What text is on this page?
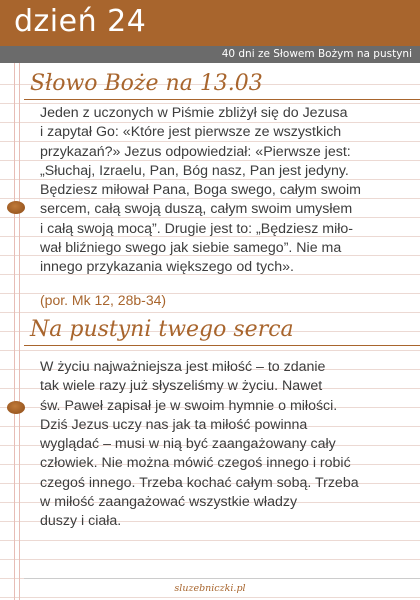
dzień 24
40 dni ze Słowem Bożym na pustyni
Słowo Boże na 13.03
Jeden z uczonych w Piśmie zbliżył się do Jezusa
i zapytał Go: «Które jest pierwsze ze wszystkich
przykazań?» Jezus odpowiedział: «Pierwsze jest:
„Słuchaj, Izraelu, Pan, Bóg nasz, Pan jest jedyny.
Będziesz miłował Pana, Boga swego, całym swoim
sercem, całą swoją duszą, całym swoim umysłem
i całą swoją mocą”. Drugie jest to: „Będziesz miło-
wał bliźniego swego jak siebie samego”. Nie ma
innego przykazania większego od tych».
(por. Mk 12, 28b-34)
Na pustyni twego serca
W życiu najważniejsza jest miłość – to zdanie
tak wiele razy już słyszeliśmy w życiu. Nawet
św. Paweł zapisał je w swoim hymnie o miłości.
Dziś Jezus uczy nas jak ta miłość powinna
wyglądać – musi w nią być zaangażowany cały
człowiek. Nie można mówić czegoś innego i robić
czegoś innego. Trzeba kochać całym sobą. Trzeba
w miłość zaangażować wszystkie władzy
duszy i ciała.
sluzebniczki.pl
